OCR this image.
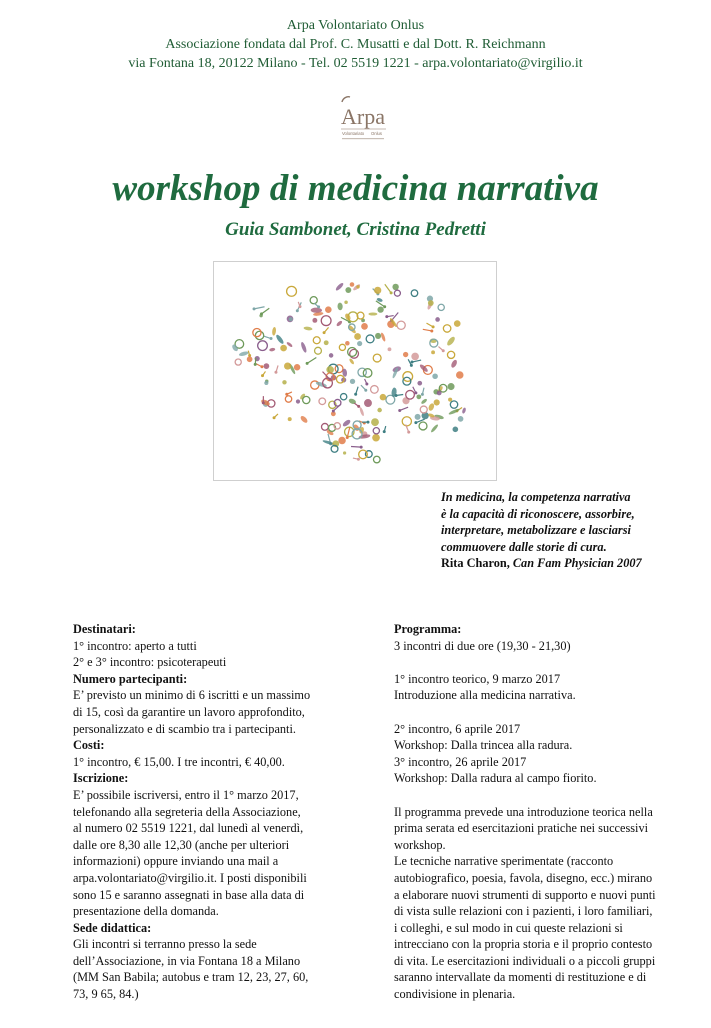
Arpa Volontariato Onlus
Associazione fondata dal Prof. C. Musatti e dal Dott. R. Reichmann
via Fontana 18, 20122 Milano - Tel. 02 5519 1221 - arpa.volontariato@virgilio.it
Arpa
Volontariato Onlus
workshop di medicina narrativa
Guia Sambonet, Cristina Pedretti
In medicina, la competenza narrativa
è la capacità di riconoscere, assorbire,
interpretare, metabolizzare e lasciarsi
commuovere dalle storie di cura.
Rita Charon, Can Fam Physician 2007
Destinatari:
1° incontro: aperto a tutti
2° e 3° incontro: psicoterapeuti
Numero partecipanti:
E’ previsto un minimo di 6 iscritti e un massimo
di 15, così da garantire un lavoro approfondito,
personalizzato e di scambio tra i partecipanti.
Costi:
1° incontro, € 15,00. I tre incontri, € 40,00.
Iscrizione:
E’ possibile iscriversi, entro il 1° marzo 2017,
telefonando alla segreteria della Associazione,
al numero 02 5519 1221, dal lunedì al venerdì,
dalle ore 8,30 alle 12,30 (anche per ulteriori
informazioni) oppure inviando una mail a
arpa.volontariato@virgilio.it. I posti disponibili
sono 15 e saranno assegnati in base alla data di
presentazione della domanda.
Sede didattica:
Gli incontri si terranno presso la sede
dell’Associazione, in via Fontana 18 a Milano
(MM San Babila; autobus e tram 12, 23, 27, 60,
73, 9 65, 84.)
Programma:
3 incontri di due ore (19,30 - 21,30)
1° incontro teorico, 9 marzo 2017
Introduzione alla medicina narrativa.
2° incontro, 6 aprile 2017
Workshop: Dalla trincea alla radura.
3° incontro, 26 aprile 2017
Workshop: Dalla radura al campo fiorito.
Il programma prevede una introduzione teorica nella
prima serata ed esercitazioni pratiche nei successivi
workshop.
Le tecniche narrative sperimentate (racconto
autobiografico, poesia, favola, disegno, ecc.) mirano
a elaborare nuovi strumenti di supporto e nuovi punti
di vista sulle relazioni con i pazienti, i loro familiari,
i colleghi, e sul modo in cui queste relazioni si
intrecciano con la propria storia e il proprio contesto
di vita. Le esercitazioni individuali o a piccoli gruppi
saranno intervallate da momenti di restituzione e di
condivisione in plenaria.
